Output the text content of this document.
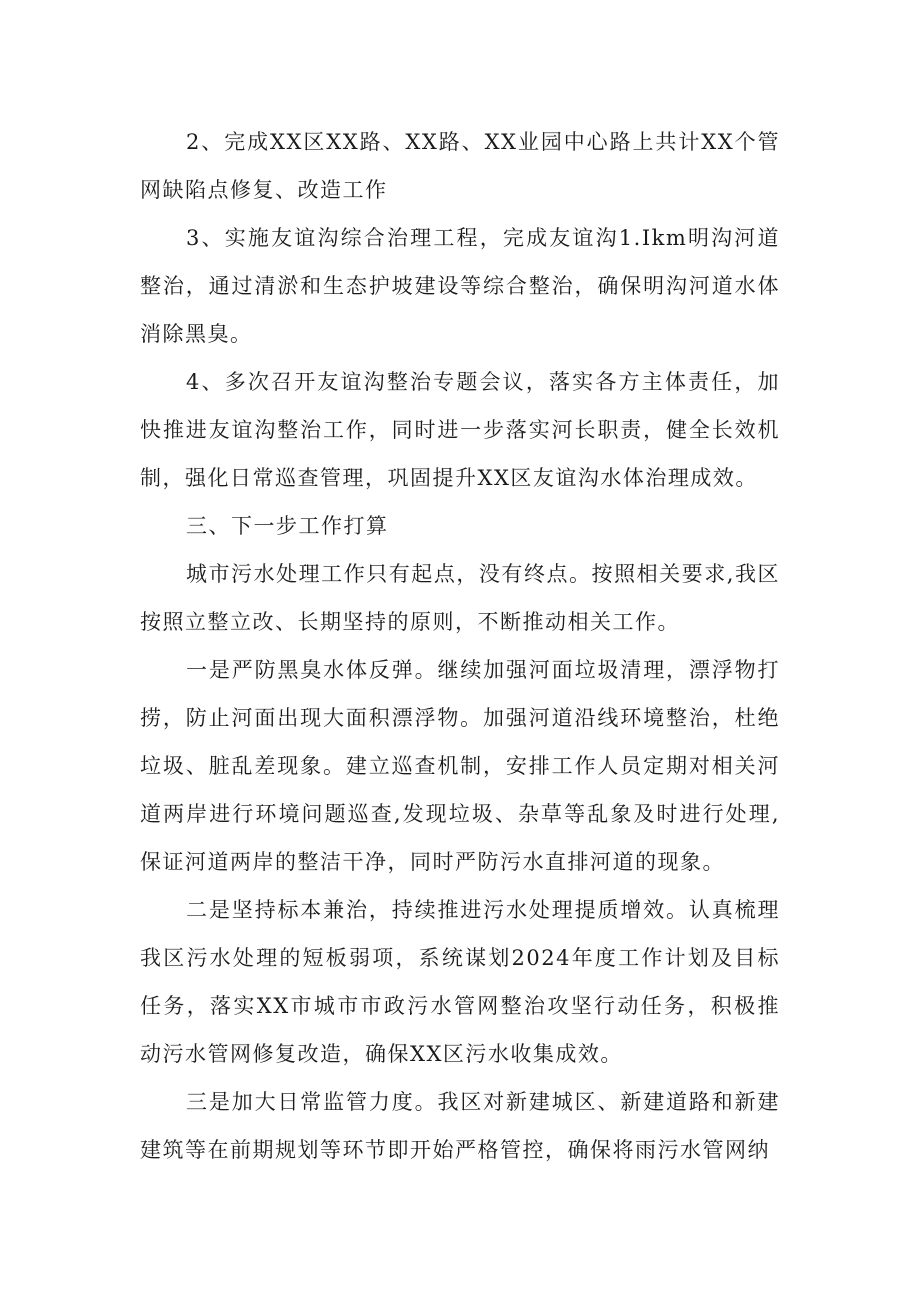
2、完成XX区XX路、XX路、XX业园中心路上共计XX个管网缺陷点修复、改造工作

3、实施友谊沟综合治理工程，完成友谊沟1.Ikm明沟河道整治，通过清淤和生态护坡建设等综合整治，确保明沟河道水体消除黑臭。

4、多次召开友谊沟整治专题会议，落实各方主体责任，加快推进友谊沟整治工作，同时进一步落实河长职责，健全长效机制，强化日常巡查管理，巩固提升XX区友谊沟水体治理成效。

三、下一步工作打算

城市污水处理工作只有起点，没有终点。按照相关要求,我区按照立整立改、长期坚持的原则，不断推动相关工作。

一是严防黑臭水体反弹。继续加强河面垃圾清理，漂浮物打捞，防止河面出现大面积漂浮物。加强河道沿线环境整治，杜绝垃圾、脏乱差现象。建立巡查机制，安排工作人员定期对相关河道两岸进行环境问题巡查,发现垃圾、杂草等乱象及时进行处理,保证河道两岸的整洁干净，同时严防污水直排河道的现象。

二是坚持标本兼治，持续推进污水处理提质增效。认真梳理我区污水处理的短板弱项，系统谋划2024年度工作计划及目标任务，落实XX市城市市政污水管网整治攻坚行动任务，积极推动污水管网修复改造，确保XX区污水收集成效。

三是加大日常监管力度。我区对新建城区、新建道路和新建建筑等在前期规划等环节即开始严格管控，确保将雨污水管网纳
